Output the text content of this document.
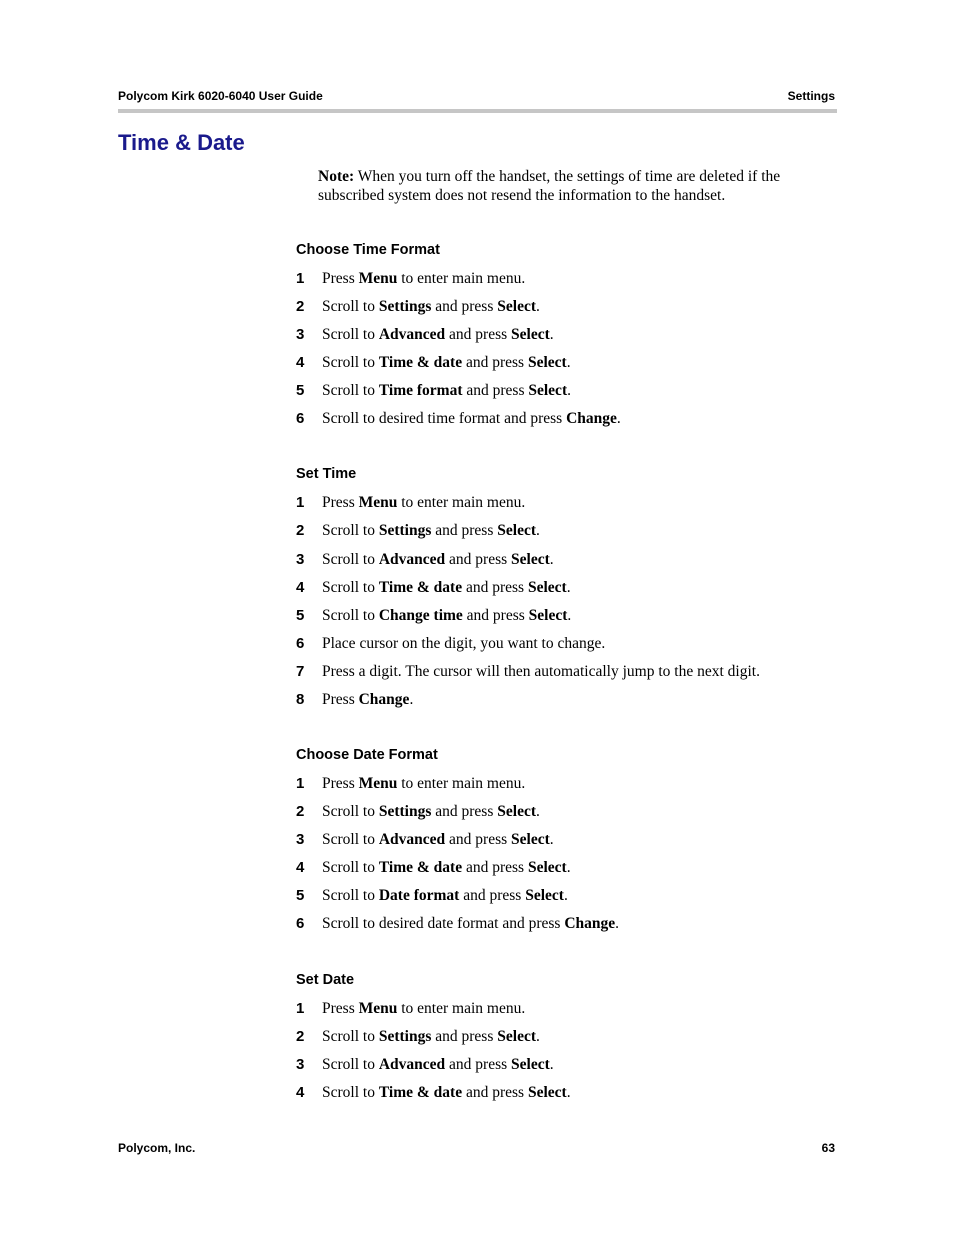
Polycom Kirk 6020-6040 User Guide	Settings
Time & Date
Note: When you turn off the handset, the settings of time are deleted if the subscribed system does not resend the information to the handset.
Choose Time Format
1 Press Menu to enter main menu.
2 Scroll to Settings and press Select.
3 Scroll to Advanced and press Select.
4 Scroll to Time & date and press Select.
5 Scroll to Time format and press Select.
6 Scroll to desired time format and press Change.
Set Time
1 Press Menu to enter main menu.
2 Scroll to Settings and press Select.
3 Scroll to Advanced and press Select.
4 Scroll to Time & date and press Select.
5 Scroll to Change time and press Select.
6 Place cursor on the digit, you want to change.
7 Press a digit. The cursor will then automatically jump to the next digit.
8 Press Change.
Choose Date Format
1 Press Menu to enter main menu.
2 Scroll to Settings and press Select.
3 Scroll to Advanced and press Select.
4 Scroll to Time & date and press Select.
5 Scroll to Date format and press Select.
6 Scroll to desired date format and press Change.
Set Date
1 Press Menu to enter main menu.
2 Scroll to Settings and press Select.
3 Scroll to Advanced and press Select.
4 Scroll to Time & date and press Select.
Polycom, Inc.	63
